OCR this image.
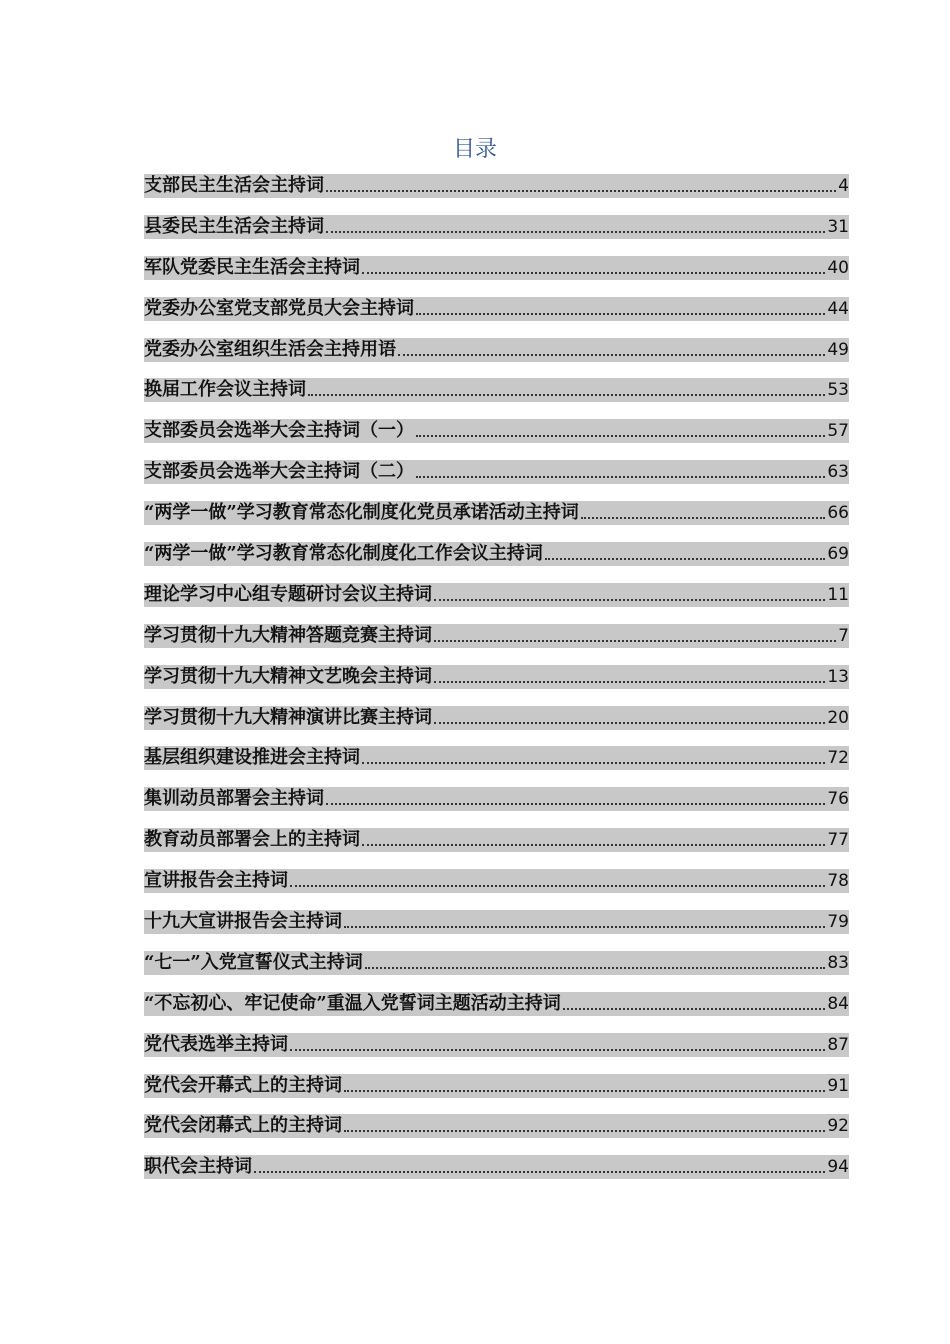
目录
支部民主生活会主持词	4
县委民主生活会主持词	31
军队党委民主生活会主持词	40
党委办公室党支部党员大会主持词	44
党委办公室组织生活会主持用语	49
换届工作会议主持词	53
支部委员会选举大会主持词（一）	57
支部委员会选举大会主持词（二）	63
“两学一做”学习教育常态化制度化党员承诺活动主持词	66
“两学一做”学习教育常态化制度化工作会议主持词	69
理论学习中心组专题研讨会议主持词	11
学习贯彻十九大精神答题竞赛主持词	7
学习贯彻十九大精神文艺晚会主持词	13
学习贯彻十九大精神演讲比赛主持词	20
基层组织建设推进会主持词	72
集训动员部署会主持词	76
教育动员部署会上的主持词	77
宣讲报告会主持词	78
十九大宣讲报告会主持词	79
“七一”入党宣誓仪式主持词	83
“不忘初心、牢记使命”重温入党誓词主题活动主持词	84
党代表选举主持词	87
党代会开幕式上的主持词	91
党代会闭幕式上的主持词	92
职代会主持词	94
